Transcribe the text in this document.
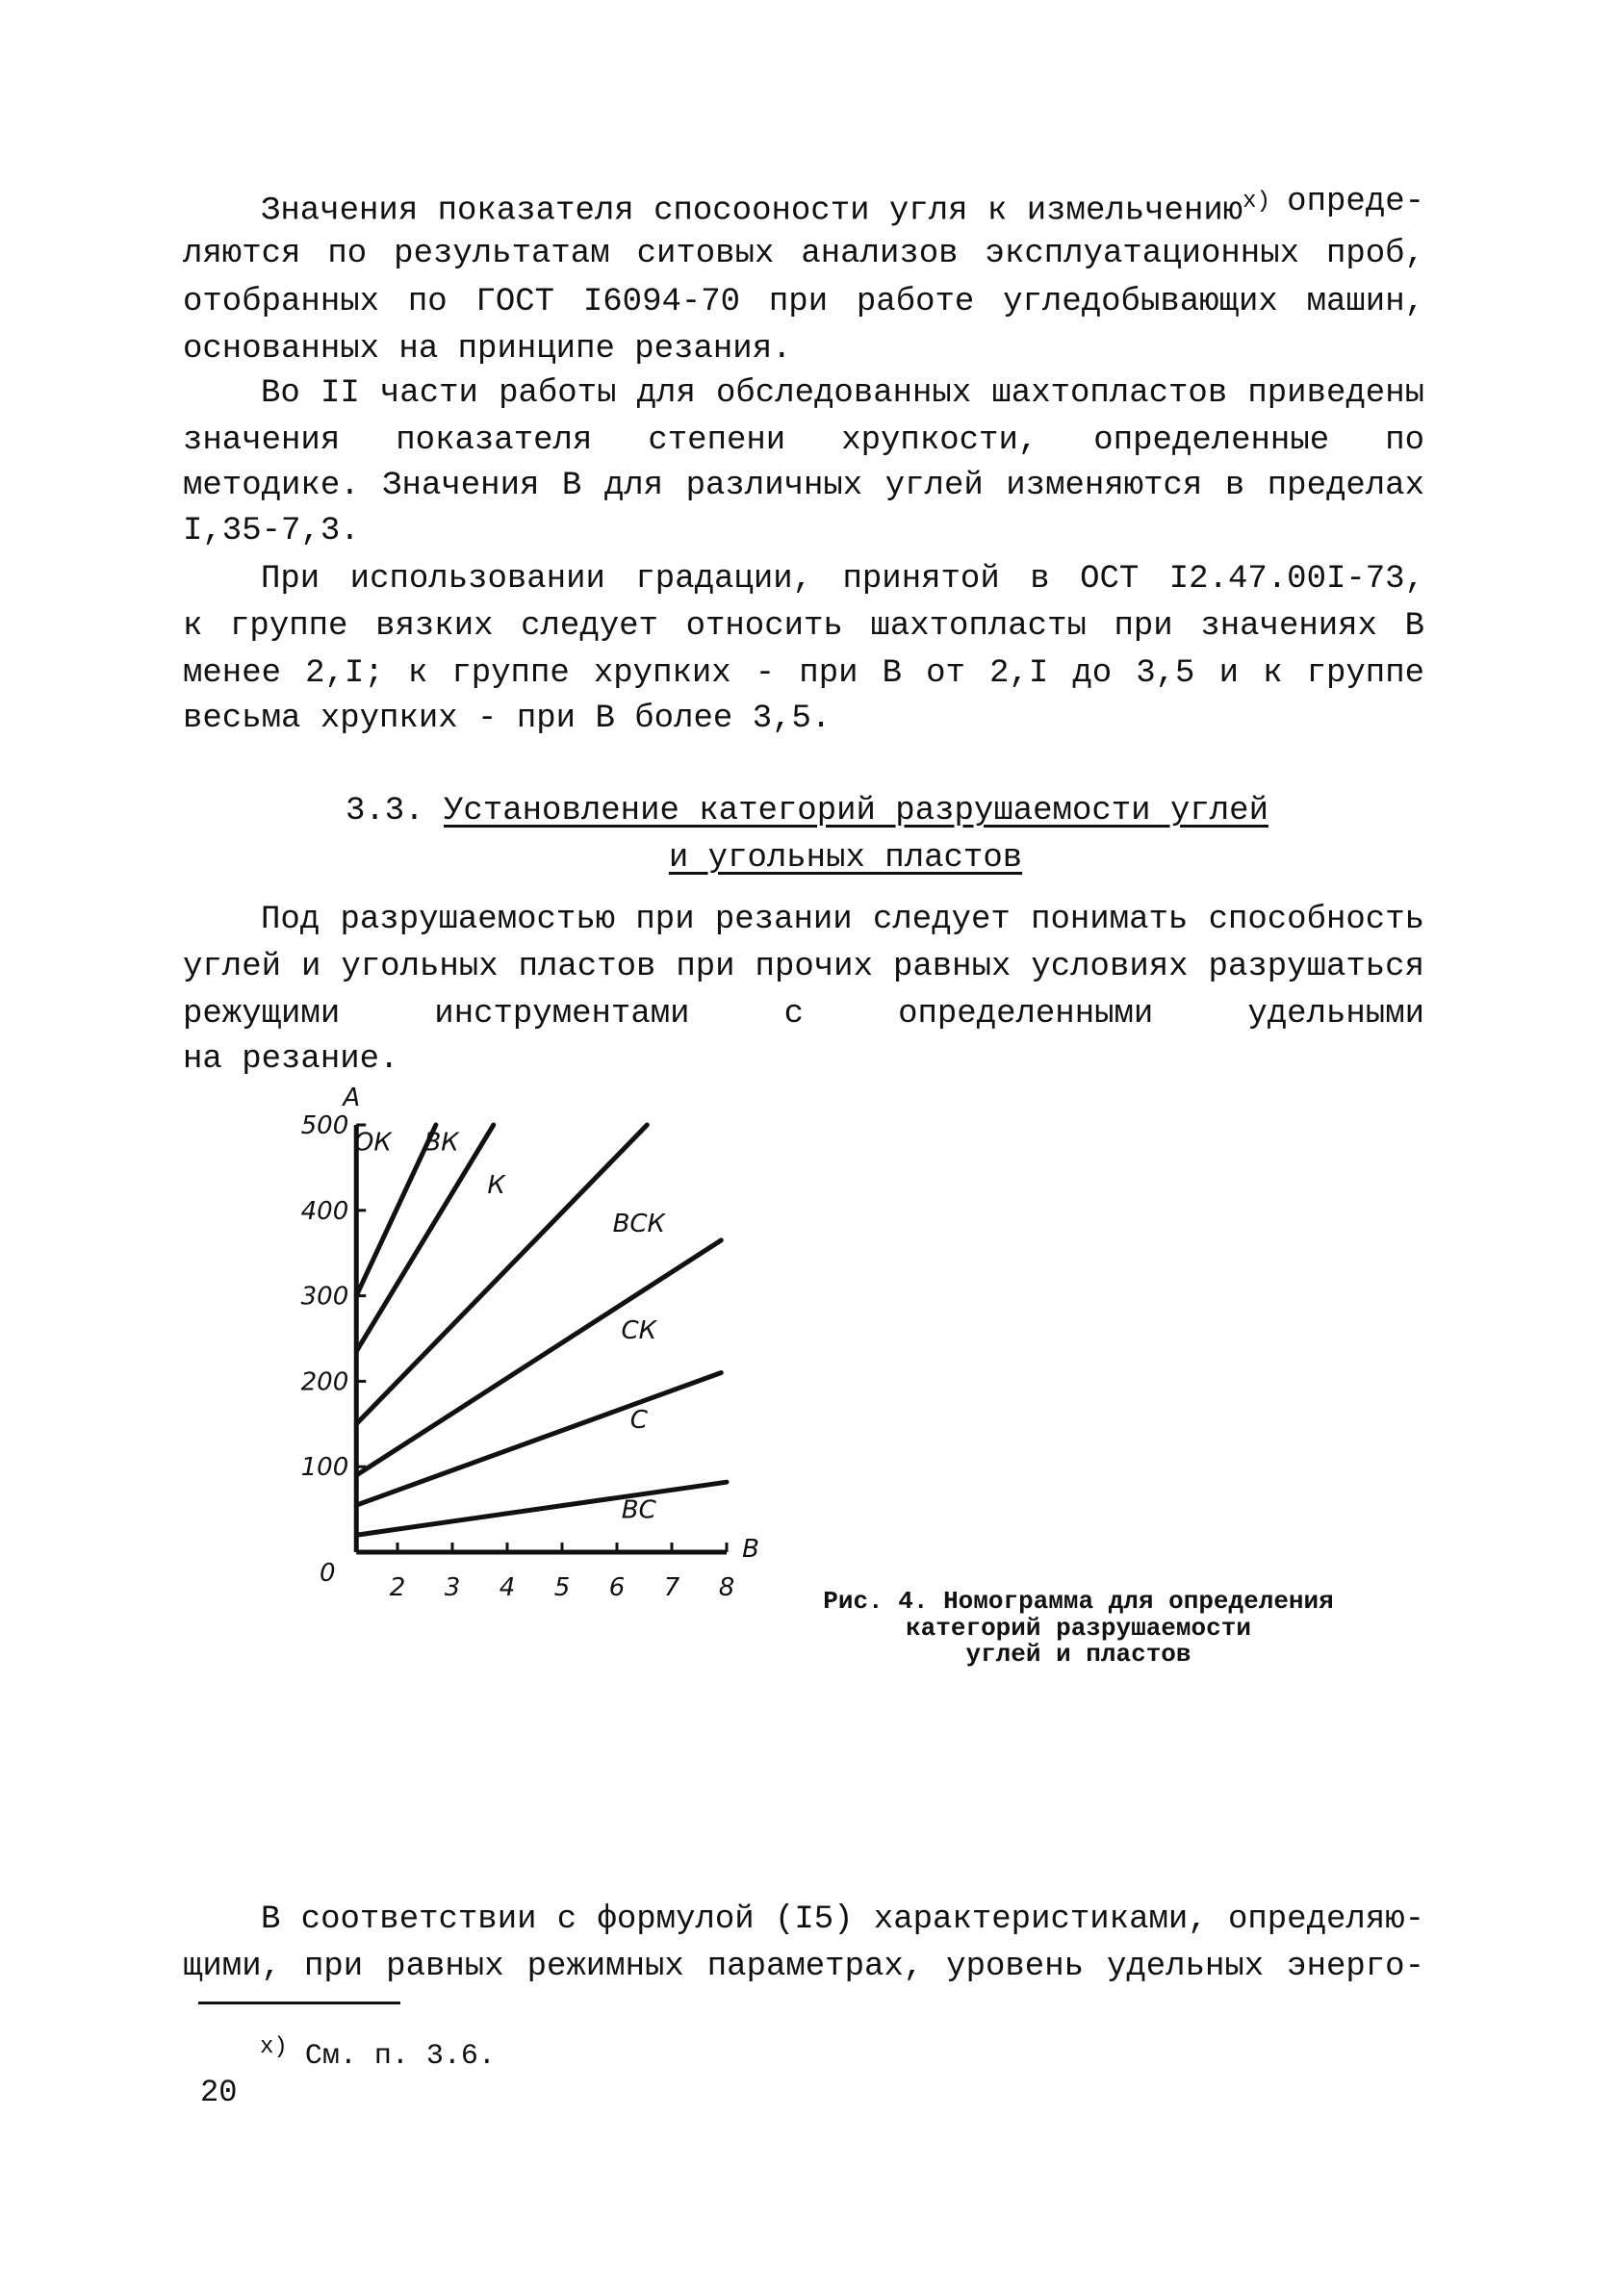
Значения показателя спосооности угля к измельчению$^{x)}$ опреде-
ляются по результатам ситовых анализов эксплуатационных проб,
отобранных по ГОСТ I6094-70 при работе угледобывающих машин,
основанных на принципе резания.
Во II части работы для обследованных шахтопластов приведены
значения показателя степени хрупкости, определенные по
методике. Значения В для различных углей изменяются в пределах
I,35-7,3.
При использовании градации, принятой в ОСТ I2.47.00I-73,
к группе вязких следует относить шахтопласты при значениях В
менее 2,I; к группе хрупких - при В от 2,I до 3,5 и к группе
весьма хрупких - при В более 3,5.
3.3. Установление категорий разрушаемости углей
и угольных пластов
Под разрушаемостью при резании следует понимать способность
углей и угольных пластов при прочих равных условиях разрушаться
режущими инструментами с определенными удельными
на резание.
100
200
300
400
500
2 3 4 5 6 7 8
0
A
B
ОК ВК
К
ВСК
СК
С
ВС
Рис. 4. Номограмма для определения
категорий разрушаемости
углей и пластов
В соответствии с формулой (I5) характеристиками, определяю-
щими, при равных режимных параметрах, уровень удельных энерго-
$^{x)}$ См. п. 3.6.
20
